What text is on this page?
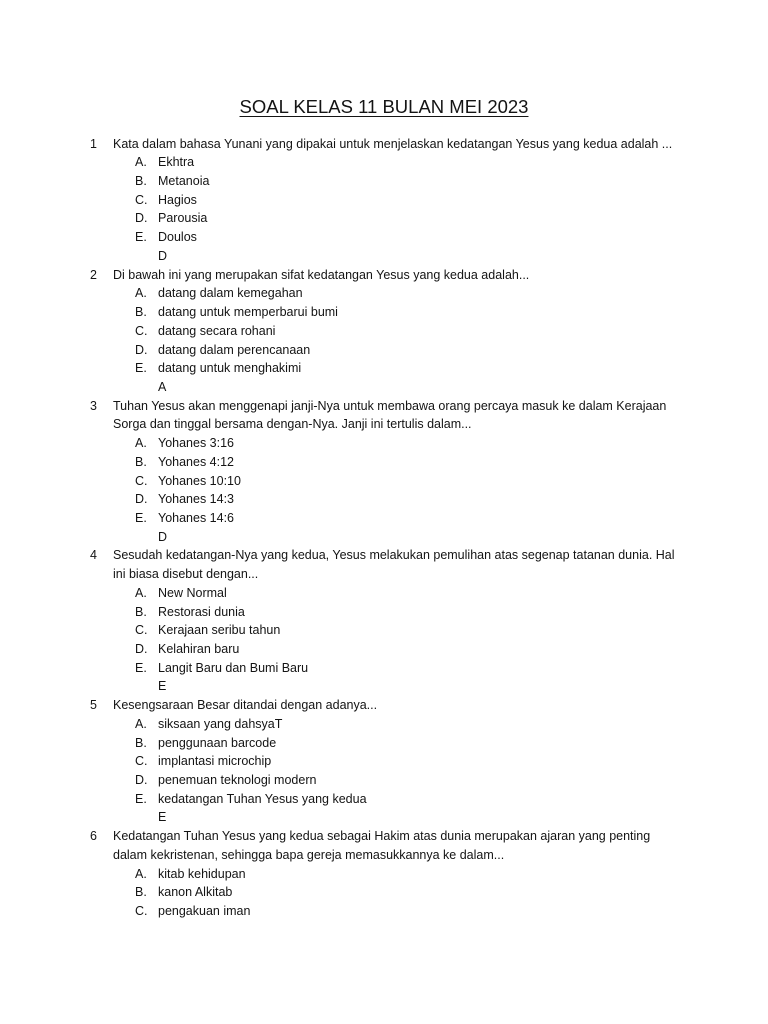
SOAL KELAS 11 BULAN MEI 2023
1 Kata dalam bahasa Yunani yang dipakai untuk menjelaskan kedatangan Yesus yang kedua adalah ...
A. Ekhtra
B. Metanoia
C. Hagios
D. Parousia
E. Doulos
D
2 Di bawah ini yang merupakan sifat kedatangan Yesus yang kedua adalah...
A. datang dalam kemegahan
B. datang untuk memperbarui bumi
C. datang secara rohani
D. datang dalam perencanaan
E. datang untuk menghakimi
A
3 Tuhan Yesus akan menggenapi janji-Nya untuk membawa orang percaya masuk ke dalam Kerajaan
Sorga dan tinggal bersama dengan-Nya. Janji ini tertulis dalam...
A. Yohanes 3:16
B. Yohanes 4:12
C. Yohanes 10:10
D. Yohanes 14:3
E. Yohanes 14:6
D
4 Sesudah kedatangan-Nya yang kedua, Yesus melakukan pemulihan atas segenap tatanan dunia. Hal
ini biasa disebut dengan...
A. New Normal
B. Restorasi dunia
C. Kerajaan seribu tahun
D. Kelahiran baru
E. Langit Baru dan Bumi Baru
E
5 Kesengsaraan Besar ditandai dengan adanya...
A. siksaan yang dahsyaT
B. penggunaan barcode
C. implantasi microchip
D. penemuan teknologi modern
E. kedatangan Tuhan Yesus yang kedua
E
6 Kedatangan Tuhan Yesus yang kedua sebagai Hakim atas dunia merupakan ajaran yang penting
dalam kekristenan, sehingga bapa gereja memasukkannya ke dalam...
A. kitab kehidupan
B. kanon Alkitab
C. pengakuan iman
